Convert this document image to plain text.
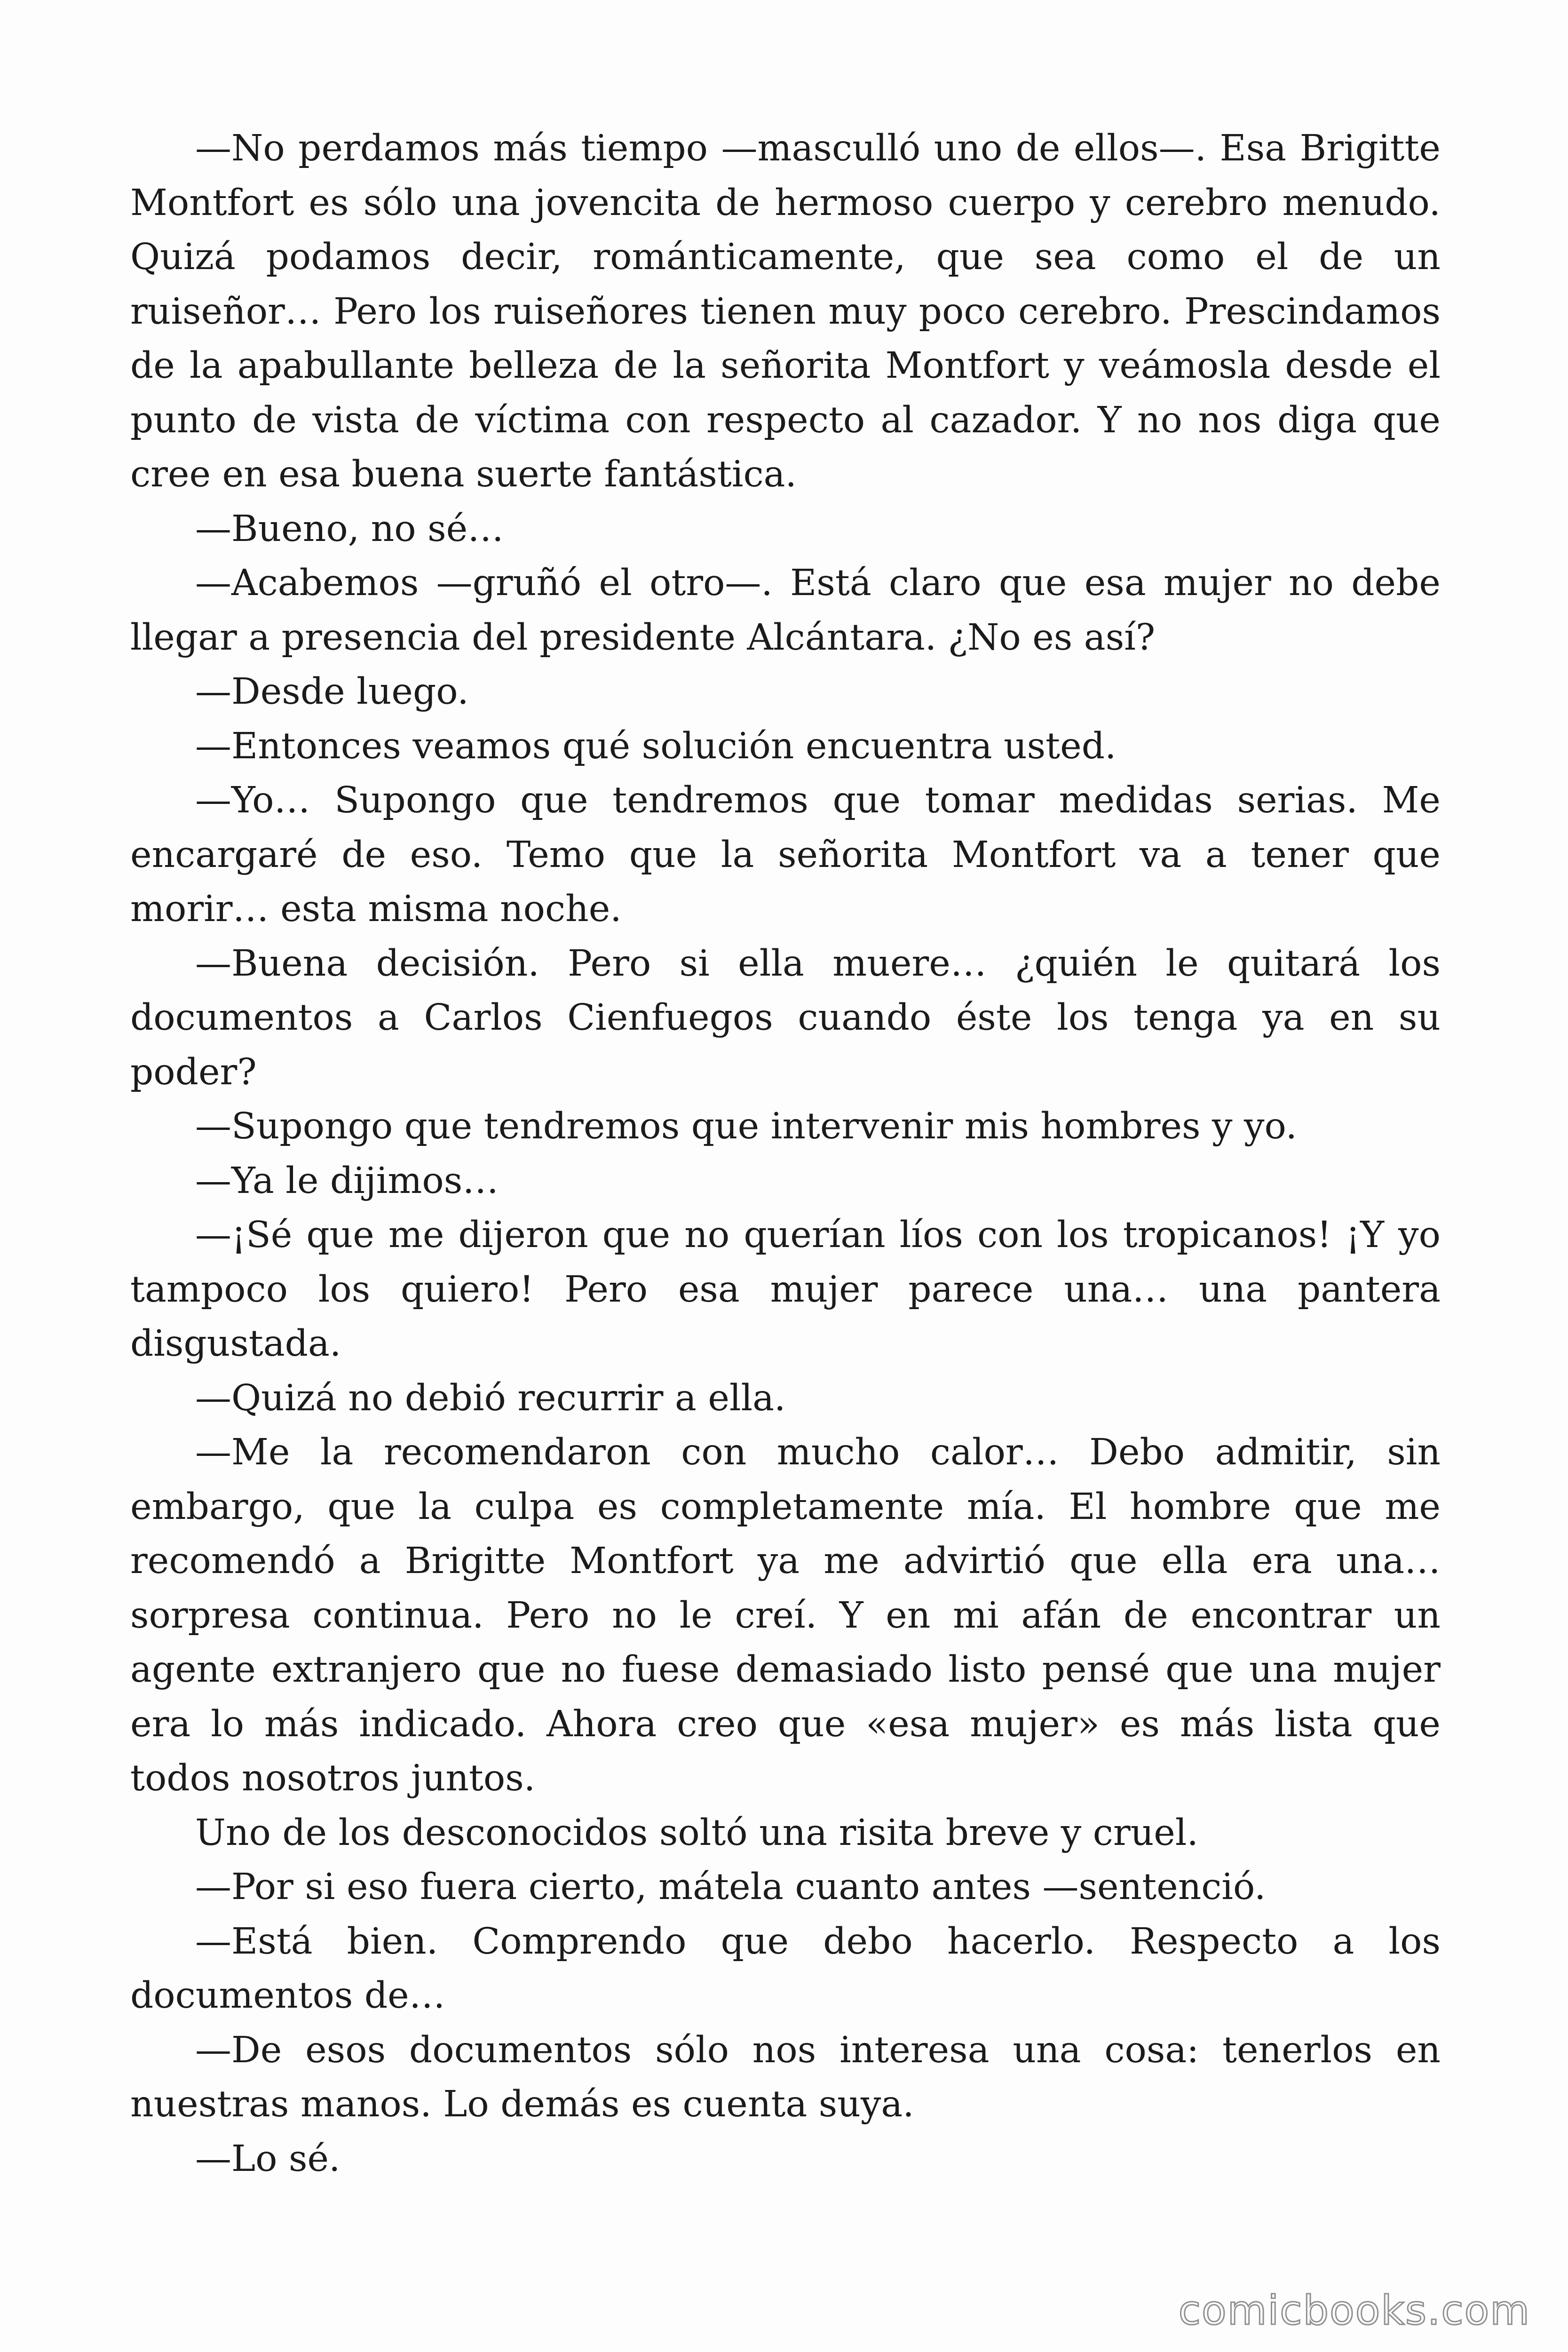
—No perdamos más tiempo —masculló uno de ellos—. Esa Brigitte Montfort es sólo una jovencita de hermoso cuerpo y cerebro menudo. Quizá podamos decir, románticamente, que sea como el de un ruiseñor… Pero los ruiseñores tienen muy poco cerebro. Prescindamos de la apabullante belleza de la señorita Montfort y veámosla desde el punto de vista de víctima con respecto al cazador. Y no nos diga que cree en esa buena suerte fantástica.

—Bueno, no sé…

—Acabemos —gruñó el otro—. Está claro que esa mujer no debe llegar a presencia del presidente Alcántara. ¿No es así?

—Desde luego.

—Entonces veamos qué solución encuentra usted.

—Yo… Supongo que tendremos que tomar medidas serias. Me encargaré de eso. Temo que la señorita Montfort va a tener que morir… esta misma noche.

—Buena decisión. Pero si ella muere… ¿quién le quitará los documentos a Carlos Cienfuegos cuando éste los tenga ya en su poder?

—Supongo que tendremos que intervenir mis hombres y yo.

—Ya le dijimos…

—¡Sé que me dijeron que no querían líos con los tropicanos! ¡Y yo tampoco los quiero! Pero esa mujer parece una… una pantera disgustada.

—Quizá no debió recurrir a ella.

—Me la recomendaron con mucho calor… Debo admitir, sin embargo, que la culpa es completamente mía. El hombre que me recomendó a Brigitte Montfort ya me advirtió que ella era una… sorpresa continua. Pero no le creí. Y en mi afán de encontrar un agente extranjero que no fuese demasiado listo pensé que una mujer era lo más indicado. Ahora creo que «esa mujer» es más lista que todos nosotros juntos.

Uno de los desconocidos soltó una risita breve y cruel.

—Por si eso fuera cierto, mátela cuanto antes —sentenció.

—Está bien. Comprendo que debo hacerlo. Respecto a los documentos de…

—De esos documentos sólo nos interesa una cosa: tenerlos en nuestras manos. Lo demás es cuenta suya.

—Lo sé.

comicbooks.com
